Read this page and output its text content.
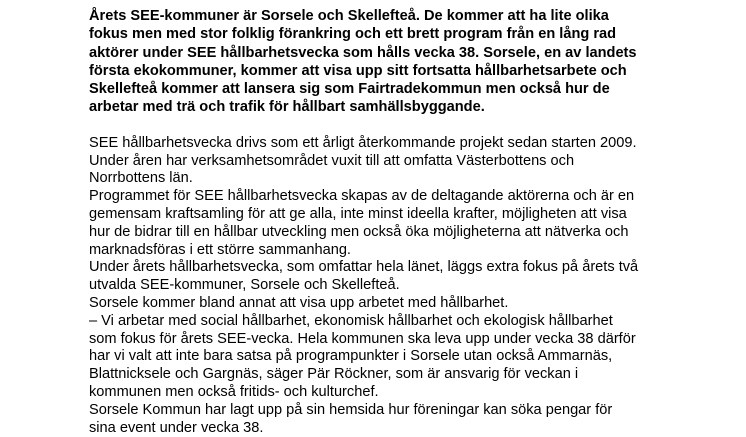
Årets SEE-kommuner är Sorsele och Skellefteå. De kommer att ha lite olika
fokus men med stor folklig förankring och ett brett program från en lång rad
aktörer under SEE hållbarhetsvecka som hålls vecka 38. Sorsele, en av landets
första ekokommuner, kommer att visa upp sitt fortsatta hållbarhetsarbete och
Skellefteå kommer att lansera sig som Fairtradekommun men också hur de
arbetar med trä och trafik för hållbart samhällsbyggande.

SEE hållbarhetsvecka drivs som ett årligt återkommande projekt sedan starten 2009.
Under åren har verksamhetsområdet vuxit till att omfatta Västerbottens och
Norrbottens län.

Programmet för SEE hållbarhetsvecka skapas av de deltagande aktörerna och är en
gemensam kraftsamling för att ge alla, inte minst ideella krafter, möjligheten att visa
hur de bidrar till en hållbar utveckling men också öka möjligheterna att nätverka och
marknadsföras i ett större sammanhang.

Under årets hållbarhetsvecka, som omfattar hela länet, läggs extra fokus på årets två
utvalda SEE-kommuner, Sorsele och Skellefteå.

Sorsele kommer bland annat att visa upp arbetet med hållbarhet.

– Vi arbetar med social hållbarhet, ekonomisk hållbarhet och ekologisk hållbarhet
som fokus för årets SEE-vecka. Hela kommunen ska leva upp under vecka 38 därför
har vi valt att inte bara satsa på programpunkter i Sorsele utan också Ammarnäs,
Blattnicksele och Gargnäs, säger Pär Röckner, som är ansvarig för veckan i
kommunen men också fritids- och kulturchef.

Sorsele Kommun har lagt upp på sin hemsida hur föreningar kan söka pengar för
sina event under vecka 38.
